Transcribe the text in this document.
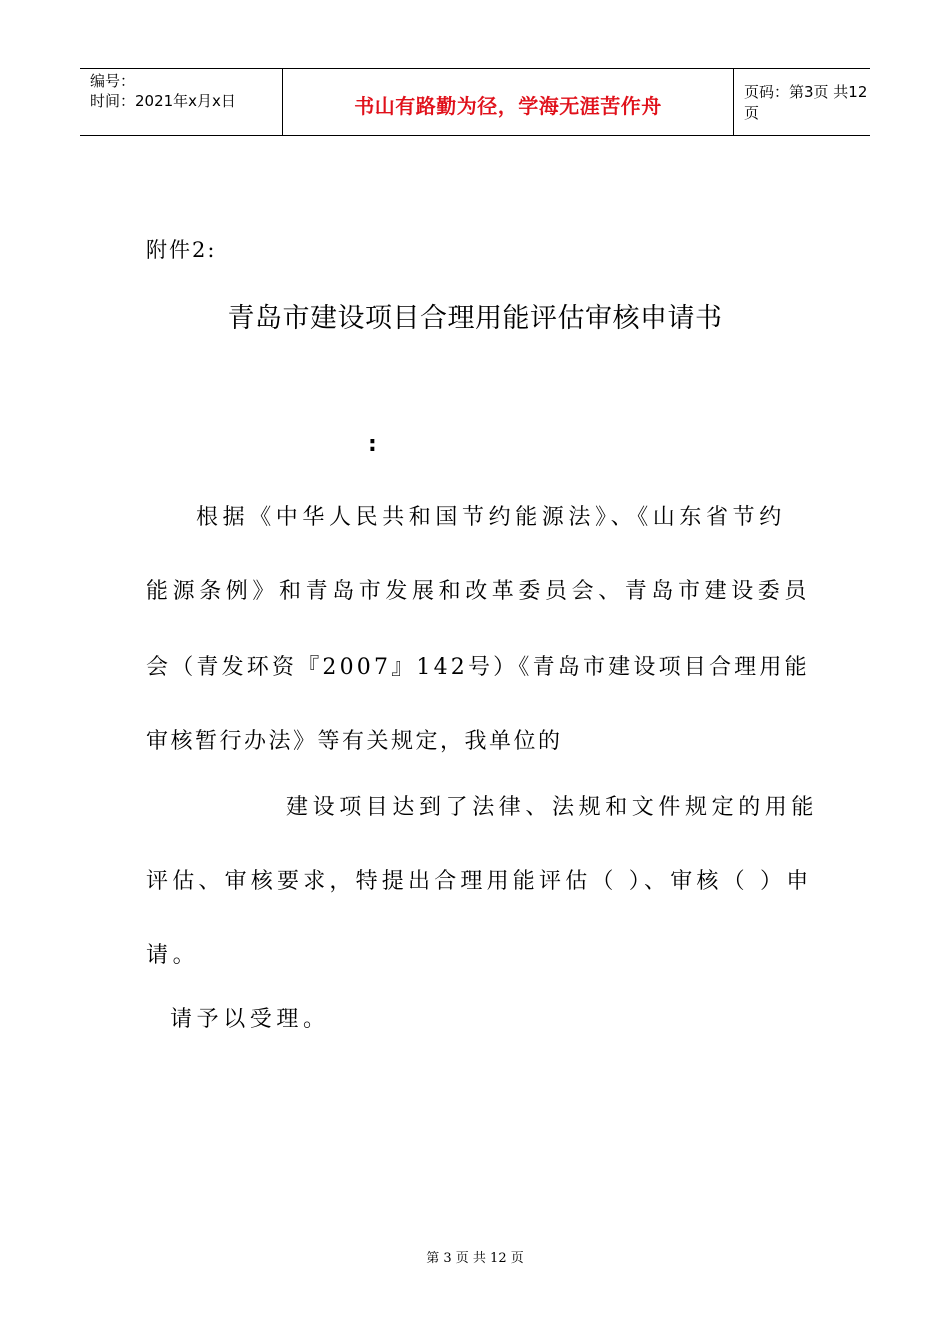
编号：
时间：2021年x月x日	书山有路勤为径，学海无涯苦作舟
页码：第3页 共12页
附件2:
青岛市建设项目合理用能评估审核申请书
:
根据《中华人民共和国节约能源法》、《山东省节约
能源条例》和青岛市发展和改革委员会、青岛市建设委员
会（青发环资『2007』142号）《青岛市建设项目合理用能
审核暂行办法》等有关规定，我单位的
建设项目达到了法律、法规和文件规定的用能
评估、审核要求，特提出合理用能评估（ ）、审核（ ）申
请。
请予以受理。
第 3 页 共 12 页
